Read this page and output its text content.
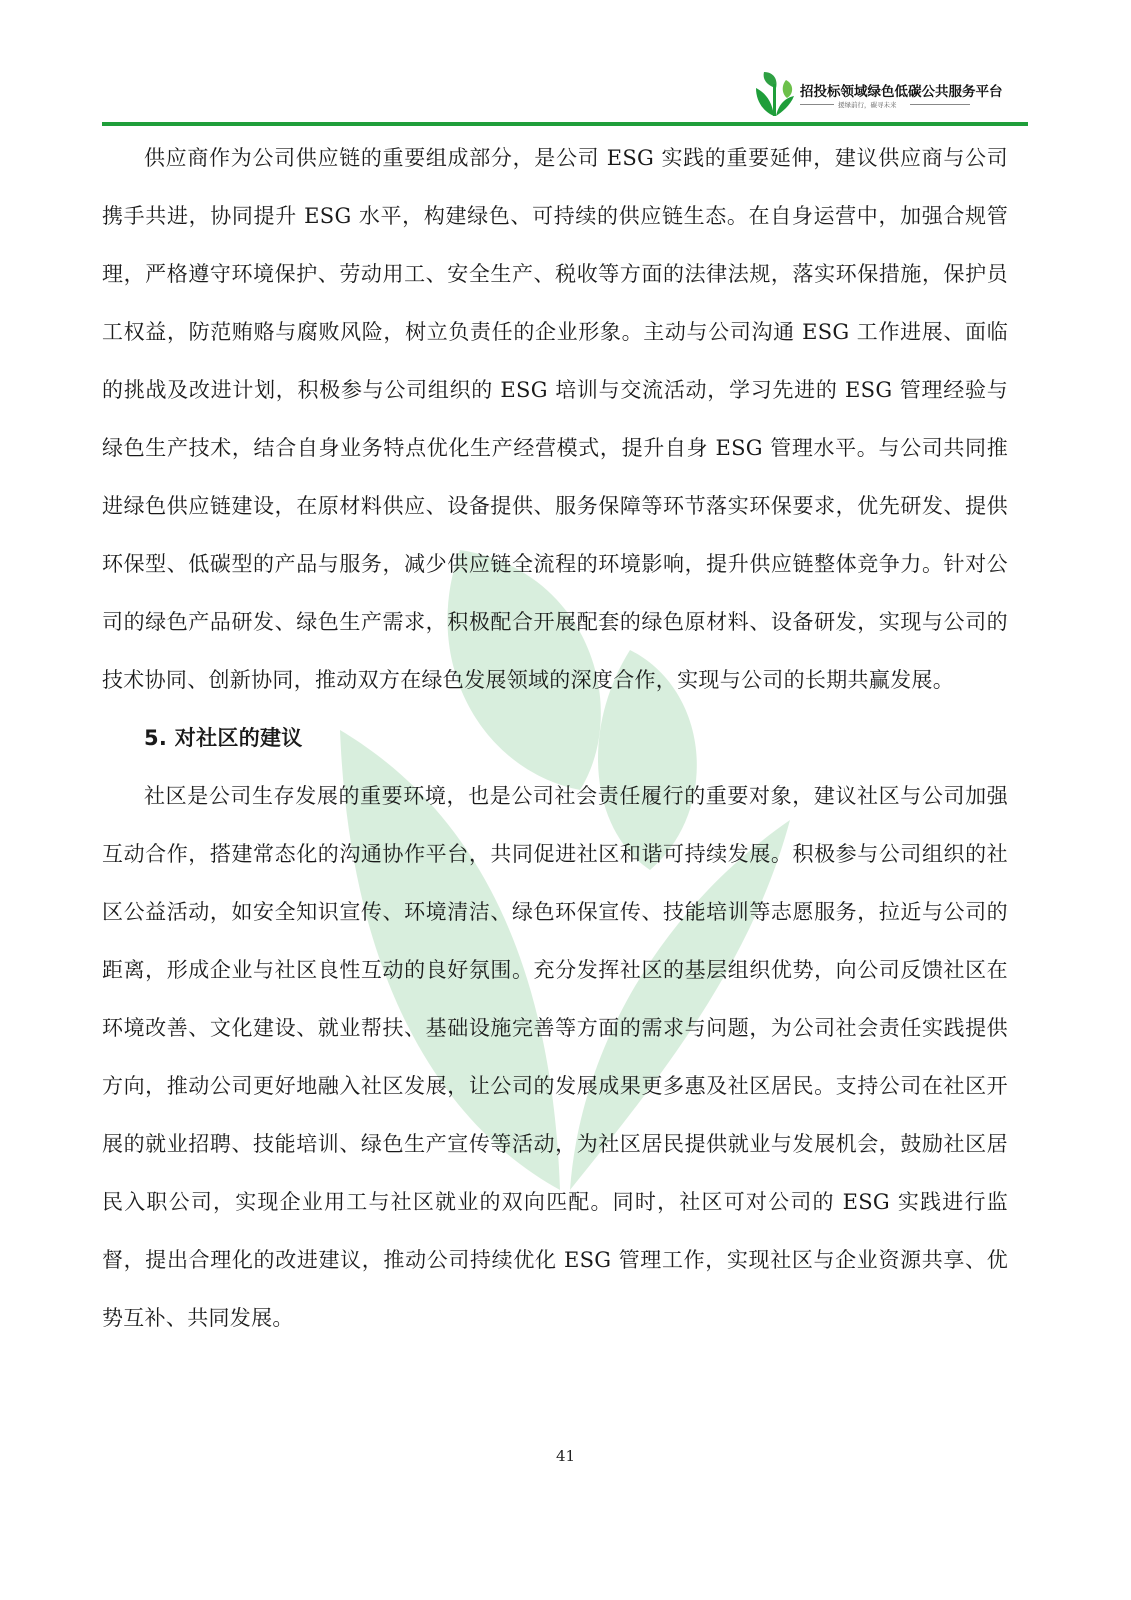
招投标领域绿色低碳公共服务平台
援绿前行，碳寻未来

供应商作为公司供应链的重要组成部分，是公司 ESG 实践的重要延伸，建议供应商与公司携手共进，协同提升 ESG 水平，构建绿色、可持续的供应链生态。在自身运营中，加强合规管理，严格遵守环境保护、劳动用工、安全生产、税收等方面的法律法规，落实环保措施，保护员工权益，防范贿赂与腐败风险，树立负责任的企业形象。主动与公司沟通 ESG 工作进展、面临的挑战及改进计划，积极参与公司组织的 ESG 培训与交流活动，学习先进的 ESG 管理经验与绿色生产技术，结合自身业务特点优化生产经营模式，提升自身 ESG 管理水平。与公司共同推进绿色供应链建设，在原材料供应、设备提供、服务保障等环节落实环保要求，优先研发、提供环保型、低碳型的产品与服务，减少供应链全流程的环境影响，提升供应链整体竞争力。针对公司的绿色产品研发、绿色生产需求，积极配合开展配套的绿色原材料、设备研发，实现与公司的技术协同、创新协同，推动双方在绿色发展领域的深度合作，实现与公司的长期共赢发展。

5. 对社区的建议

社区是公司生存发展的重要环境，也是公司社会责任履行的重要对象，建议社区与公司加强互动合作，搭建常态化的沟通协作平台，共同促进社区和谐可持续发展。积极参与公司组织的社区公益活动，如安全知识宣传、环境清洁、绿色环保宣传、技能培训等志愿服务，拉近与公司的距离，形成企业与社区良性互动的良好氛围。充分发挥社区的基层组织优势，向公司反馈社区在环境改善、文化建设、就业帮扶、基础设施完善等方面的需求与问题，为公司社会责任实践提供方向，推动公司更好地融入社区发展，让公司的发展成果更多惠及社区居民。支持公司在社区开展的就业招聘、技能培训、绿色生产宣传等活动，为社区居民提供就业与发展机会，鼓励社区居民入职公司，实现企业用工与社区就业的双向匹配。同时，社区可对公司的 ESG 实践进行监督，提出合理化的改进建议，推动公司持续优化 ESG 管理工作，实现社区与企业资源共享、优势互补、共同发展。

41
